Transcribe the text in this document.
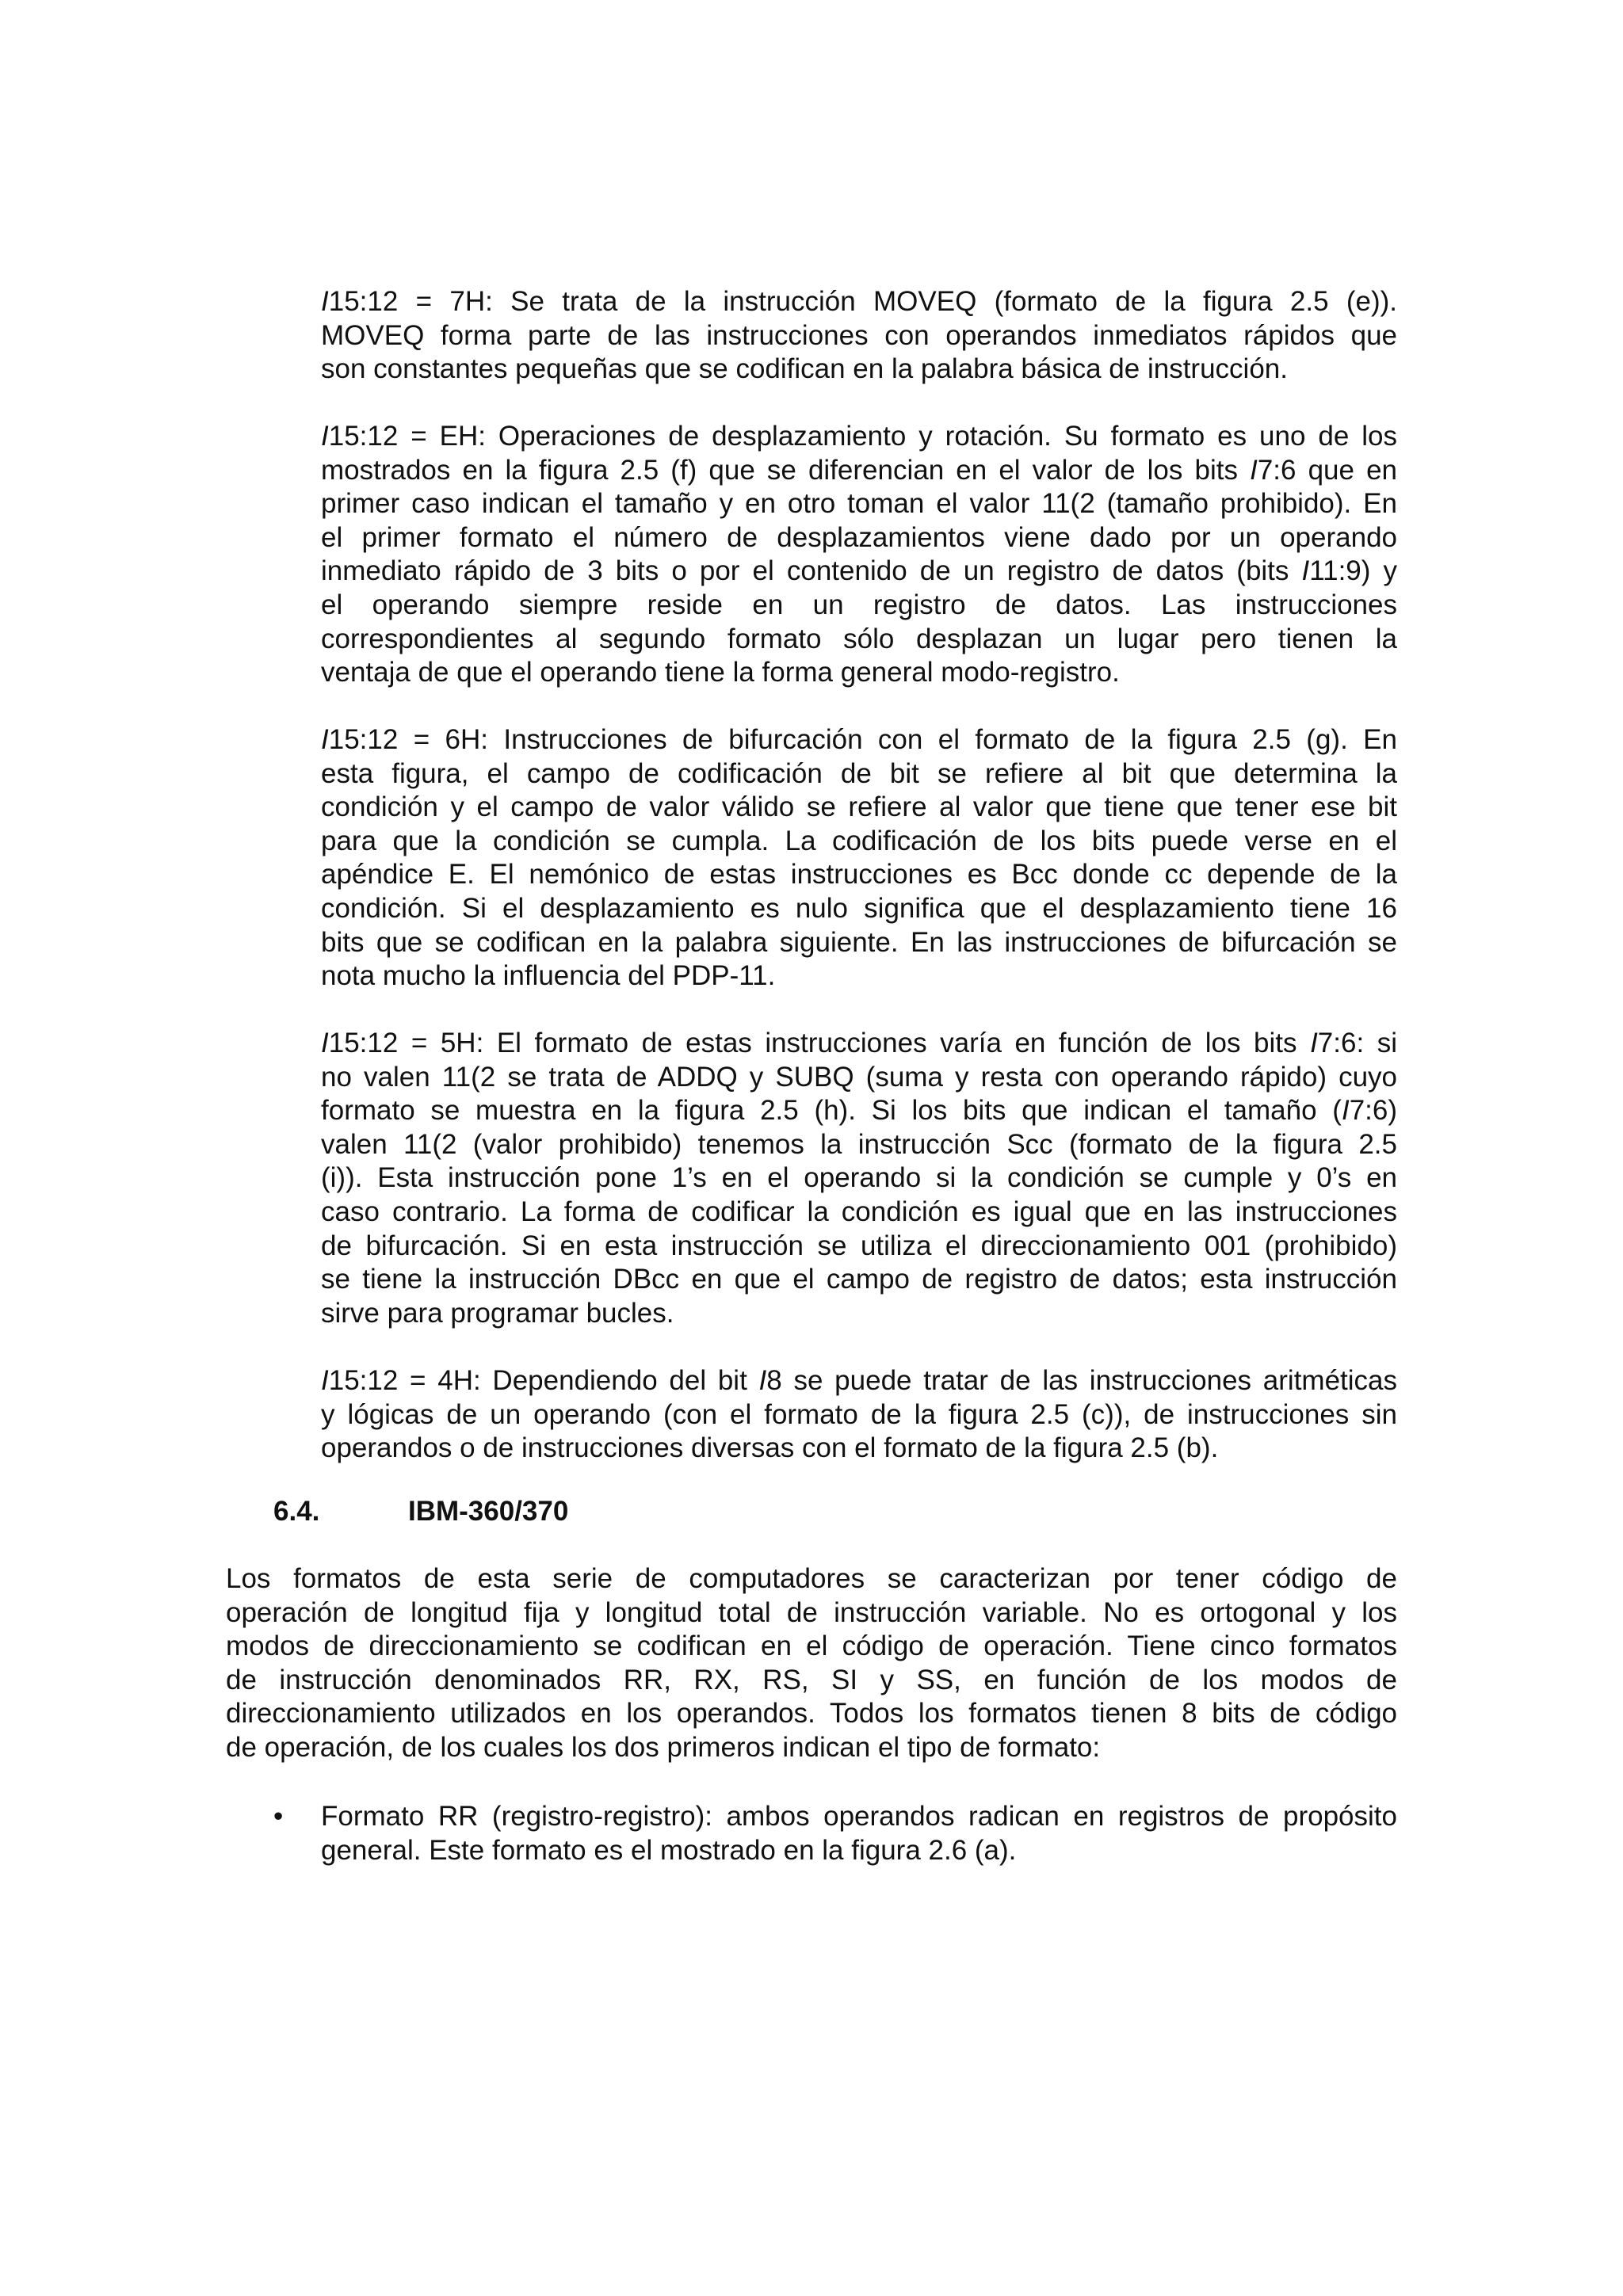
I15:12 = 7H: Se trata de la instrucción MOVEQ (formato de la figura 2.5 (e)).
MOVEQ forma parte de las instrucciones con operandos inmediatos rápidos que
son constantes pequeñas que se codifican en la palabra básica de instrucción.
I15:12 = EH: Operaciones de desplazamiento y rotación. Su formato es uno de los
mostrados en la figura 2.5 (f) que se diferencian en el valor de los bits I7:6 que en
primer caso indican el tamaño y en otro toman el valor 11(2 (tamaño prohibido). En
el primer formato el número de desplazamientos viene dado por un operando
inmediato rápido de 3 bits o por el contenido de un registro de datos (bits I11:9) y
el operando siempre reside en un registro de datos. Las instrucciones
correspondientes al segundo formato sólo desplazan un lugar pero tienen la
ventaja de que el operando tiene la forma general modo-registro.
I15:12 = 6H: Instrucciones de bifurcación con el formato de la figura 2.5 (g). En
esta figura, el campo de codificación de bit se refiere al bit que determina la
condición y el campo de valor válido se refiere al valor que tiene que tener ese bit
para que la condición se cumpla. La codificación de los bits puede verse en el
apéndice E. El nemónico de estas instrucciones es Bcc donde cc depende de la
condición. Si el desplazamiento es nulo significa que el desplazamiento tiene 16
bits que se codifican en la palabra siguiente. En las instrucciones de bifurcación se
nota mucho la influencia del PDP-11.
I15:12 = 5H: El formato de estas instrucciones varía en función de los bits I7:6: si
no valen 11(2 se trata de ADDQ y SUBQ (suma y resta con operando rápido) cuyo
formato se muestra en la figura 2.5 (h). Si los bits que indican el tamaño (I7:6)
valen 11(2 (valor prohibido) tenemos la instrucción Scc (formato de la figura 2.5
(i)). Esta instrucción pone 1’s en el operando si la condición se cumple y 0’s en
caso contrario. La forma de codificar la condición es igual que en las instrucciones
de bifurcación. Si en esta instrucción se utiliza el direccionamiento 001 (prohibido)
se tiene la instrucción DBcc en que el campo de registro de datos; esta instrucción
sirve para programar bucles.
I15:12 = 4H: Dependiendo del bit I8 se puede tratar de las instrucciones aritméticas
y lógicas de un operando (con el formato de la figura 2.5 (c)), de instrucciones sin
operandos o de instrucciones diversas con el formato de la figura 2.5 (b).
6.4.	IBM-360/370
Los formatos de esta serie de computadores se caracterizan por tener código de
operación de longitud fija y longitud total de instrucción variable. No es ortogonal y los
modos de direccionamiento se codifican en el código de operación. Tiene cinco formatos
de instrucción denominados RR, RX, RS, SI y SS, en función de los modos de
direccionamiento utilizados en los operandos. Todos los formatos tienen 8 bits de código
de operación, de los cuales los dos primeros indican el tipo de formato:
• Formato RR (registro-registro): ambos operandos radican en registros de propósito
general. Este formato es el mostrado en la figura 2.6 (a).
